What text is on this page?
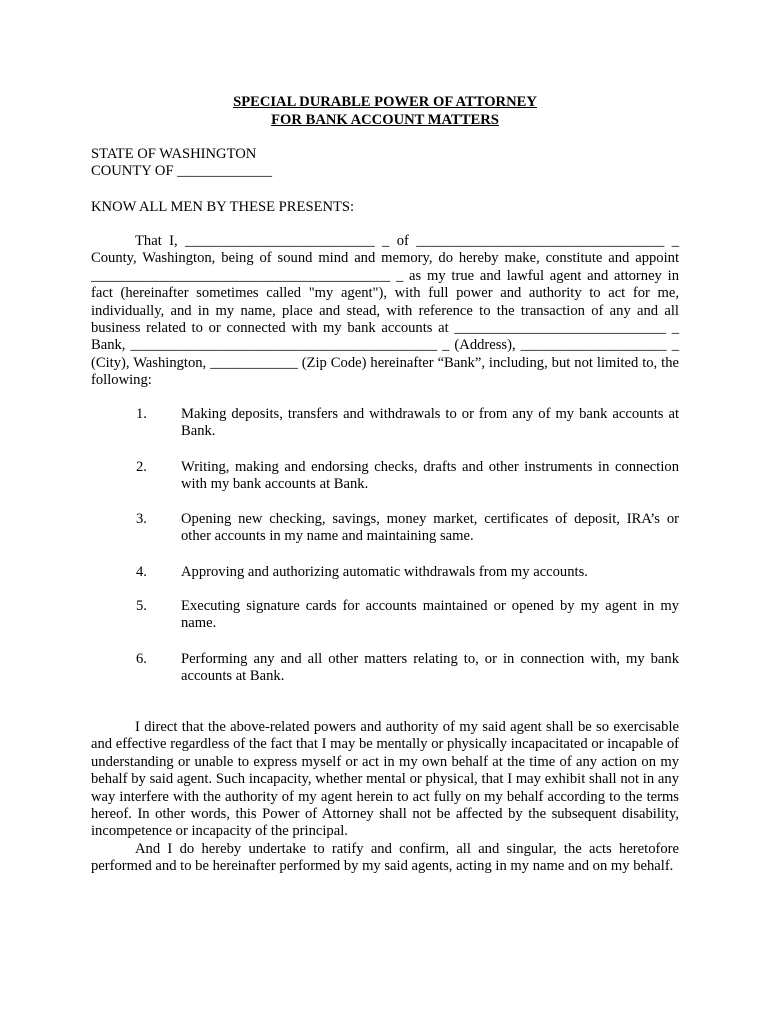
SPECIAL DURABLE POWER OF ATTORNEY
FOR BANK ACCOUNT MATTERS
STATE OF WASHINGTON
COUNTY OF _____________
KNOW ALL MEN BY THESE PRESENTS:
That I, __________________________ _ of __________________________________ _ County, Washington, being of sound mind and memory, do hereby make, constitute and appoint _________________________________________ _ as my true and lawful agent and attorney in fact (hereinafter sometimes called "my agent"), with full power and authority to act for me, individually, and in my name, place and stead, with reference to the transaction of any and all business related to or connected with my bank accounts at _____________________________ _ Bank, __________________________________________ _ (Address), ____________________ _ (City), Washington, ____________ (Zip Code) hereinafter “Bank”, including, but not limited to, the following:
1. Making deposits, transfers and withdrawals to or from any of my bank accounts at Bank.
2. Writing, making and endorsing checks, drafts and other instruments in connection with my bank accounts at Bank.
3. Opening new checking, savings, money market, certificates of deposit, IRA’s or other accounts in my name and maintaining same.
4. Approving and authorizing automatic withdrawals from my accounts.
5. Executing signature cards for accounts maintained or opened by my agent in my name.
6. Performing any and all other matters relating to, or in connection with, my bank accounts at Bank.
I direct that the above-related powers and authority of my said agent shall be so exercisable and effective regardless of the fact that I may be mentally or physically incapacitated or incapable of understanding or unable to express myself or act in my own behalf at the time of any action on my behalf by said agent. Such incapacity, whether mental or physical, that I may exhibit shall not in any way interfere with the authority of my agent herein to act fully on my behalf according to the terms hereof. In other words, this Power of Attorney shall not be affected by the subsequent disability, incompetence or incapacity of the principal.
And I do hereby undertake to ratify and confirm, all and singular, the acts heretofore performed and to be hereinafter performed by my said agents, acting in my name and on my behalf.
